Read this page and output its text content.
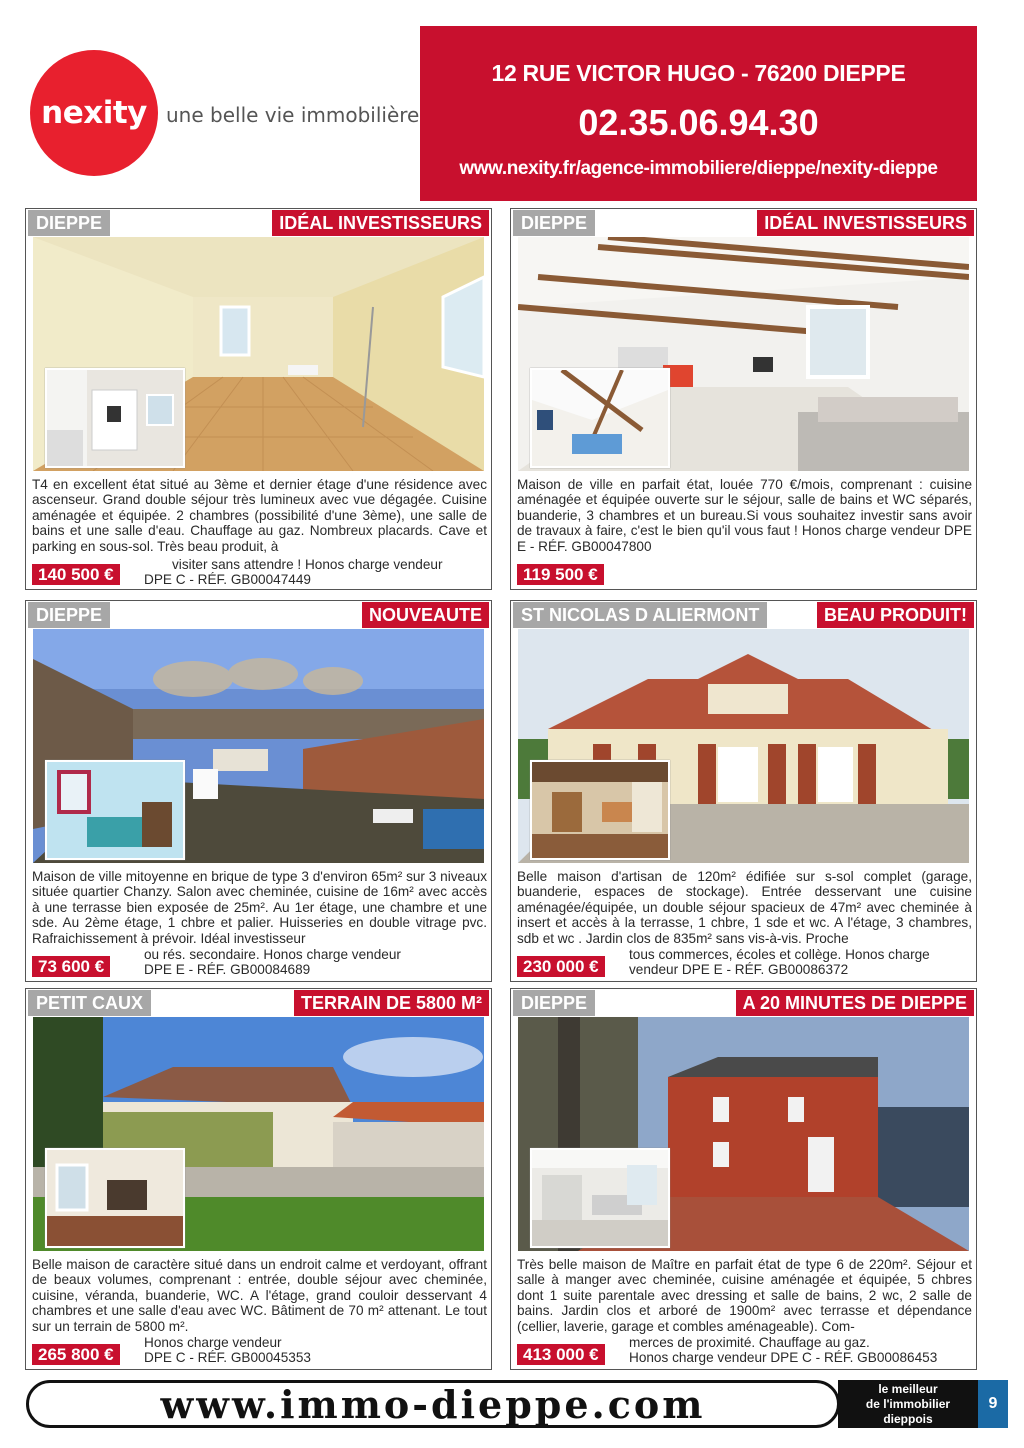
nexity une belle vie immobilière
12 RUE VICTOR HUGO - 76200 DIEPPE
02.35.06.94.30
www.nexity.fr/agence-immobiliere/dieppe/nexity-dieppe
DIEPPE	IDÉAL INVESTISSEURS
T4 en excellent état situé au 3ème et dernier étage d'une résidence avec ascenseur. Grand double séjour très lumineux avec vue dégagée. Cuisine aménagée et équipée. 2 chambres (possibilité d'une 3ème), une salle de bains et une salle d'eau. Chauffage au gaz. Nombreux placards. Cave et parking en sous-sol. Très beau produit, à
visiter sans attendre ! Honos charge vendeur
DPE C - RÉF. GB00047449
140 500 €
DIEPPE	IDÉAL INVESTISSEURS
Maison de ville en parfait état, louée 770 €/mois, comprenant : cuisine aménagée et équipée ouverte sur le séjour, salle de bains et WC séparés, buanderie, 3 chambres et un bureau.Si vous souhaitez investir sans avoir de travaux à faire, c'est le bien qu'il vous faut ! Honos charge vendeur DPE E - RÉF. GB00047800
119 500 €
DIEPPE	NOUVEAUTE
Maison de ville mitoyenne en brique de type 3 d'environ 65m² sur 3 niveaux située quartier Chanzy. Salon avec cheminée, cuisine de 16m² avec accès à une terrasse bien exposée de 25m². Au 1er étage, une chambre et une sde. Au 2ème étage, 1 chbre et palier. Huisseries en double vitrage pvc. Rafraichissement à prévoir. Idéal investisseur
ou rés. secondaire. Honos charge vendeur
DPE E - RÉF. GB00084689
73 600 €
ST NICOLAS D ALIERMONT	BEAU PRODUIT!
Belle maison d'artisan de 120m² édifiée sur s-sol complet (garage, buanderie, espaces de stockage). Entrée desservant une cuisine aménagée/équipée, un double séjour spacieux de 47m² avec cheminée à insert et accès à la terrasse, 1 chbre, 1 sde et wc. A l'étage, 3 chambres, sdb et wc . Jardin clos de 835m² sans vis-à-vis. Proche
tous commerces, écoles et collège. Honos charge
vendeur DPE E - RÉF. GB00086372
230 000 €
PETIT CAUX	TERRAIN DE 5800 M²
Belle maison de caractère situé dans un endroit calme et verdoyant, offrant de beaux volumes, comprenant : entrée, double séjour avec cheminée, cuisine, véranda, buanderie, WC. A l'étage, grand couloir desservant 4 chambres et une salle d'eau avec WC. Bâtiment de 70 m² attenant. Le tout sur un terrain de 5800 m².
Honos charge vendeur
DPE C - RÉF. GB00045353
265 800 €
DIEPPE	A 20 MINUTES DE DIEPPE
Très belle maison de Maître en parfait état de type 6 de 220m². Séjour et salle à manger avec cheminée, cuisine aménagée et équipée, 5 chbres dont 1 suite parentale avec dressing et salle de bains, 2 wc, 2 salle de bains. Jardin clos et arboré de 1900m² avec terrasse et dépendance (cellier, laverie, garage et combles aménageable). Com-
merces de proximité. Chauffage au gaz.
Honos charge vendeur DPE C - RÉF. GB00086453
413 000 €
www.immo-dieppe.com	le meilleur
de l'immobilier
dieppois
9
